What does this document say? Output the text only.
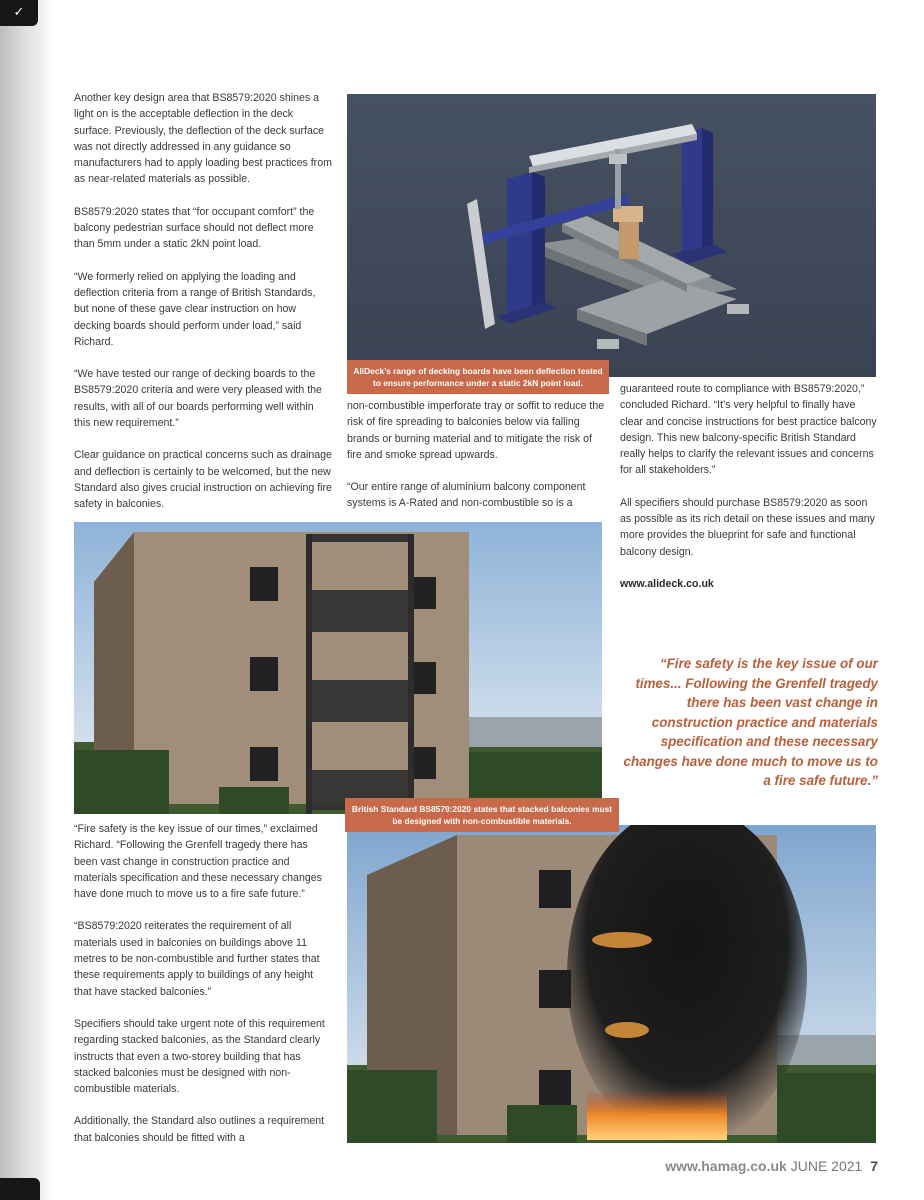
✓

Another key design area that BS8579:2020 shines a light on is the acceptable deflection in the deck surface. Previously, the deflection of the deck surface was not directly addressed in any guidance so manufacturers had to apply loading best practices from as near-related materials as possible.

BS8579:2020 states that “for occupant comfort” the balcony pedestrian surface should not deflect more than 5mm under a static 2kN point load.

“We formerly relied on applying the loading and deflection criteria from a range of British Standards, but none of these gave clear instruction on how decking boards should perform under load,” said Richard.

“We have tested our range of decking boards to the BS8579:2020 criteria and were very pleased with the results, with all of our boards performing well within this new requirement.”

Clear guidance on practical concerns such as drainage and deflection is certainly to be welcomed, but the new Standard also gives crucial instruction on achieving fire safety in balconies.

AliDeck’s range of decking boards have been deflection tested to ensure performance under a static 2kN point load.

non-combustible imperforate tray or soffit to reduce the risk of fire spreading to balconies below via falling brands or burning material and to mitigate the risk of fire and smoke spread upwards.

“Our entire range of aluminium balcony component systems is A-Rated and non-combustible so is a

guaranteed route to compliance with BS8579:2020,” concluded Richard. “It’s very helpful to finally have clear and concise instructions for best practice balcony design. This new balcony-specific British Standard really helps to clarify the relevant issues and concerns for all stakeholders.”

All specifiers should purchase BS8579:2020 as soon as possible as its rich detail on these issues and many more provides the blueprint for safe and functional balcony design.

www.alideck.co.uk

“Fire safety is the key issue of our times... Following the Grenfell tragedy there has been vast change in construction practice and materials specification and these necessary changes have done much to move us to a fire safe future.”

“Fire safety is the key issue of our times,” exclaimed Richard. “Following the Grenfell tragedy there has been vast change in construction practice and materials specification and these necessary changes have done much to move us to a fire safe future.”

“BS8579:2020 reiterates the requirement of all materials used in balconies on buildings above 11 metres to be non-combustible and further states that these requirements apply to buildings of any height that have stacked balconies.”

Specifiers should take urgent note of this requirement regarding stacked balconies, as the Standard clearly instructs that even a two-storey building that has stacked balconies must be designed with non-combustible materials.

Additionally, the Standard also outlines a requirement that balconies should be fitted with a

British Standard BS8579:2020 states that stacked balconies must be designed with non-combustible materials.
www.hamag.co.uk JUNE 2021 7
